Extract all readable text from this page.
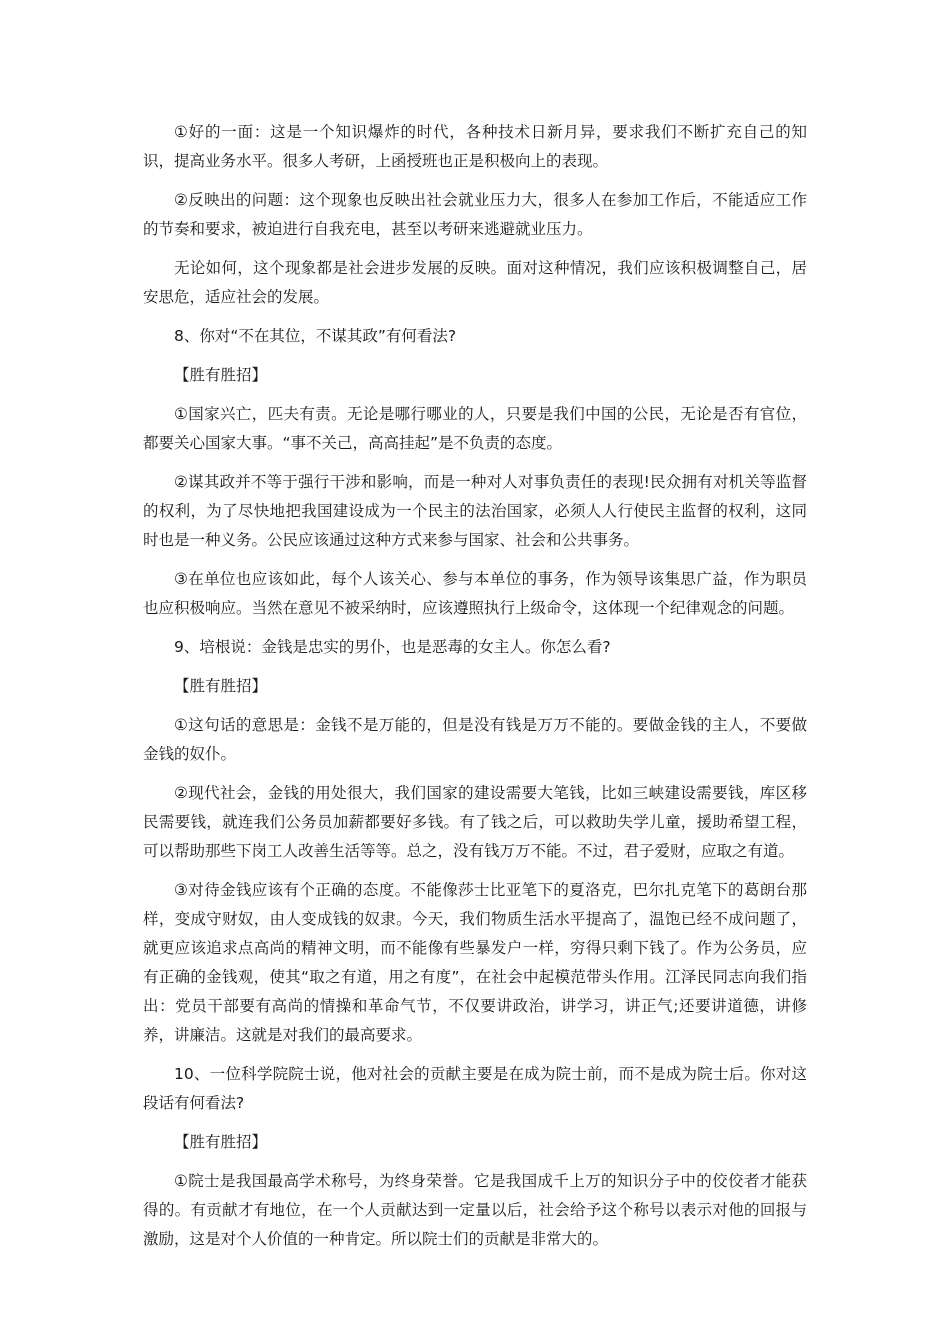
①好的一面：这是一个知识爆炸的时代，各种技术日新月异，要求我们不断扩充自己的知识，提高业务水平。很多人考研，上函授班也正是积极向上的表现。

②反映出的问题：这个现象也反映出社会就业压力大，很多人在参加工作后，不能适应工作的节奏和要求，被迫进行自我充电，甚至以考研来逃避就业压力。

无论如何，这个现象都是社会进步发展的反映。面对这种情况，我们应该积极调整自己，居安思危，适应社会的发展。

8、你对“不在其位，不谋其政”有何看法?

【胜有胜招】

①国家兴亡，匹夫有责。无论是哪行哪业的人，只要是我们中国的公民，无论是否有官位，都要关心国家大事。“事不关己，高高挂起”是不负责的态度。

②谋其政并不等于强行干涉和影响，而是一种对人对事负责任的表现!民众拥有对机关等监督的权利，为了尽快地把我国建设成为一个民主的法治国家，必须人人行使民主监督的权利，这同时也是一种义务。公民应该通过这种方式来参与国家、社会和公共事务。

③在单位也应该如此，每个人该关心、参与本单位的事务，作为领导该集思广益，作为职员也应积极响应。当然在意见不被采纳时，应该遵照执行上级命令，这体现一个纪律观念的问题。

9、培根说：金钱是忠实的男仆，也是恶毒的女主人。你怎么看?

【胜有胜招】

①这句话的意思是：金钱不是万能的，但是没有钱是万万不能的。要做金钱的主人，不要做金钱的奴仆。

②现代社会，金钱的用处很大，我们国家的建设需要大笔钱，比如三峡建设需要钱，库区移民需要钱，就连我们公务员加薪都要好多钱。有了钱之后，可以救助失学儿童，援助希望工程，可以帮助那些下岗工人改善生活等等。总之，没有钱万万不能。不过，君子爱财，应取之有道。

③对待金钱应该有个正确的态度。不能像莎士比亚笔下的夏洛克，巴尔扎克笔下的葛朗台那样，变成守财奴，由人变成钱的奴隶。今天，我们物质生活水平提高了，温饱已经不成问题了，就更应该追求点高尚的精神文明，而不能像有些暴发户一样，穷得只剩下钱了。作为公务员，应有正确的金钱观，使其“取之有道，用之有度”，在社会中起模范带头作用。江泽民同志向我们指出：党员干部要有高尚的情操和革命气节，不仅要讲政治，讲学习，讲正气;还要讲道德，讲修养，讲廉洁。这就是对我们的最高要求。

10、一位科学院院士说，他对社会的贡献主要是在成为院士前，而不是成为院士后。你对这段话有何看法?

【胜有胜招】

①院士是我国最高学术称号，为终身荣誉。它是我国成千上万的知识分子中的佼佼者才能获得的。有贡献才有地位，在一个人贡献达到一定量以后，社会给予这个称号以表示对他的回报与激励，这是对个人价值的一种肯定。所以院士们的贡献是非常大的。
